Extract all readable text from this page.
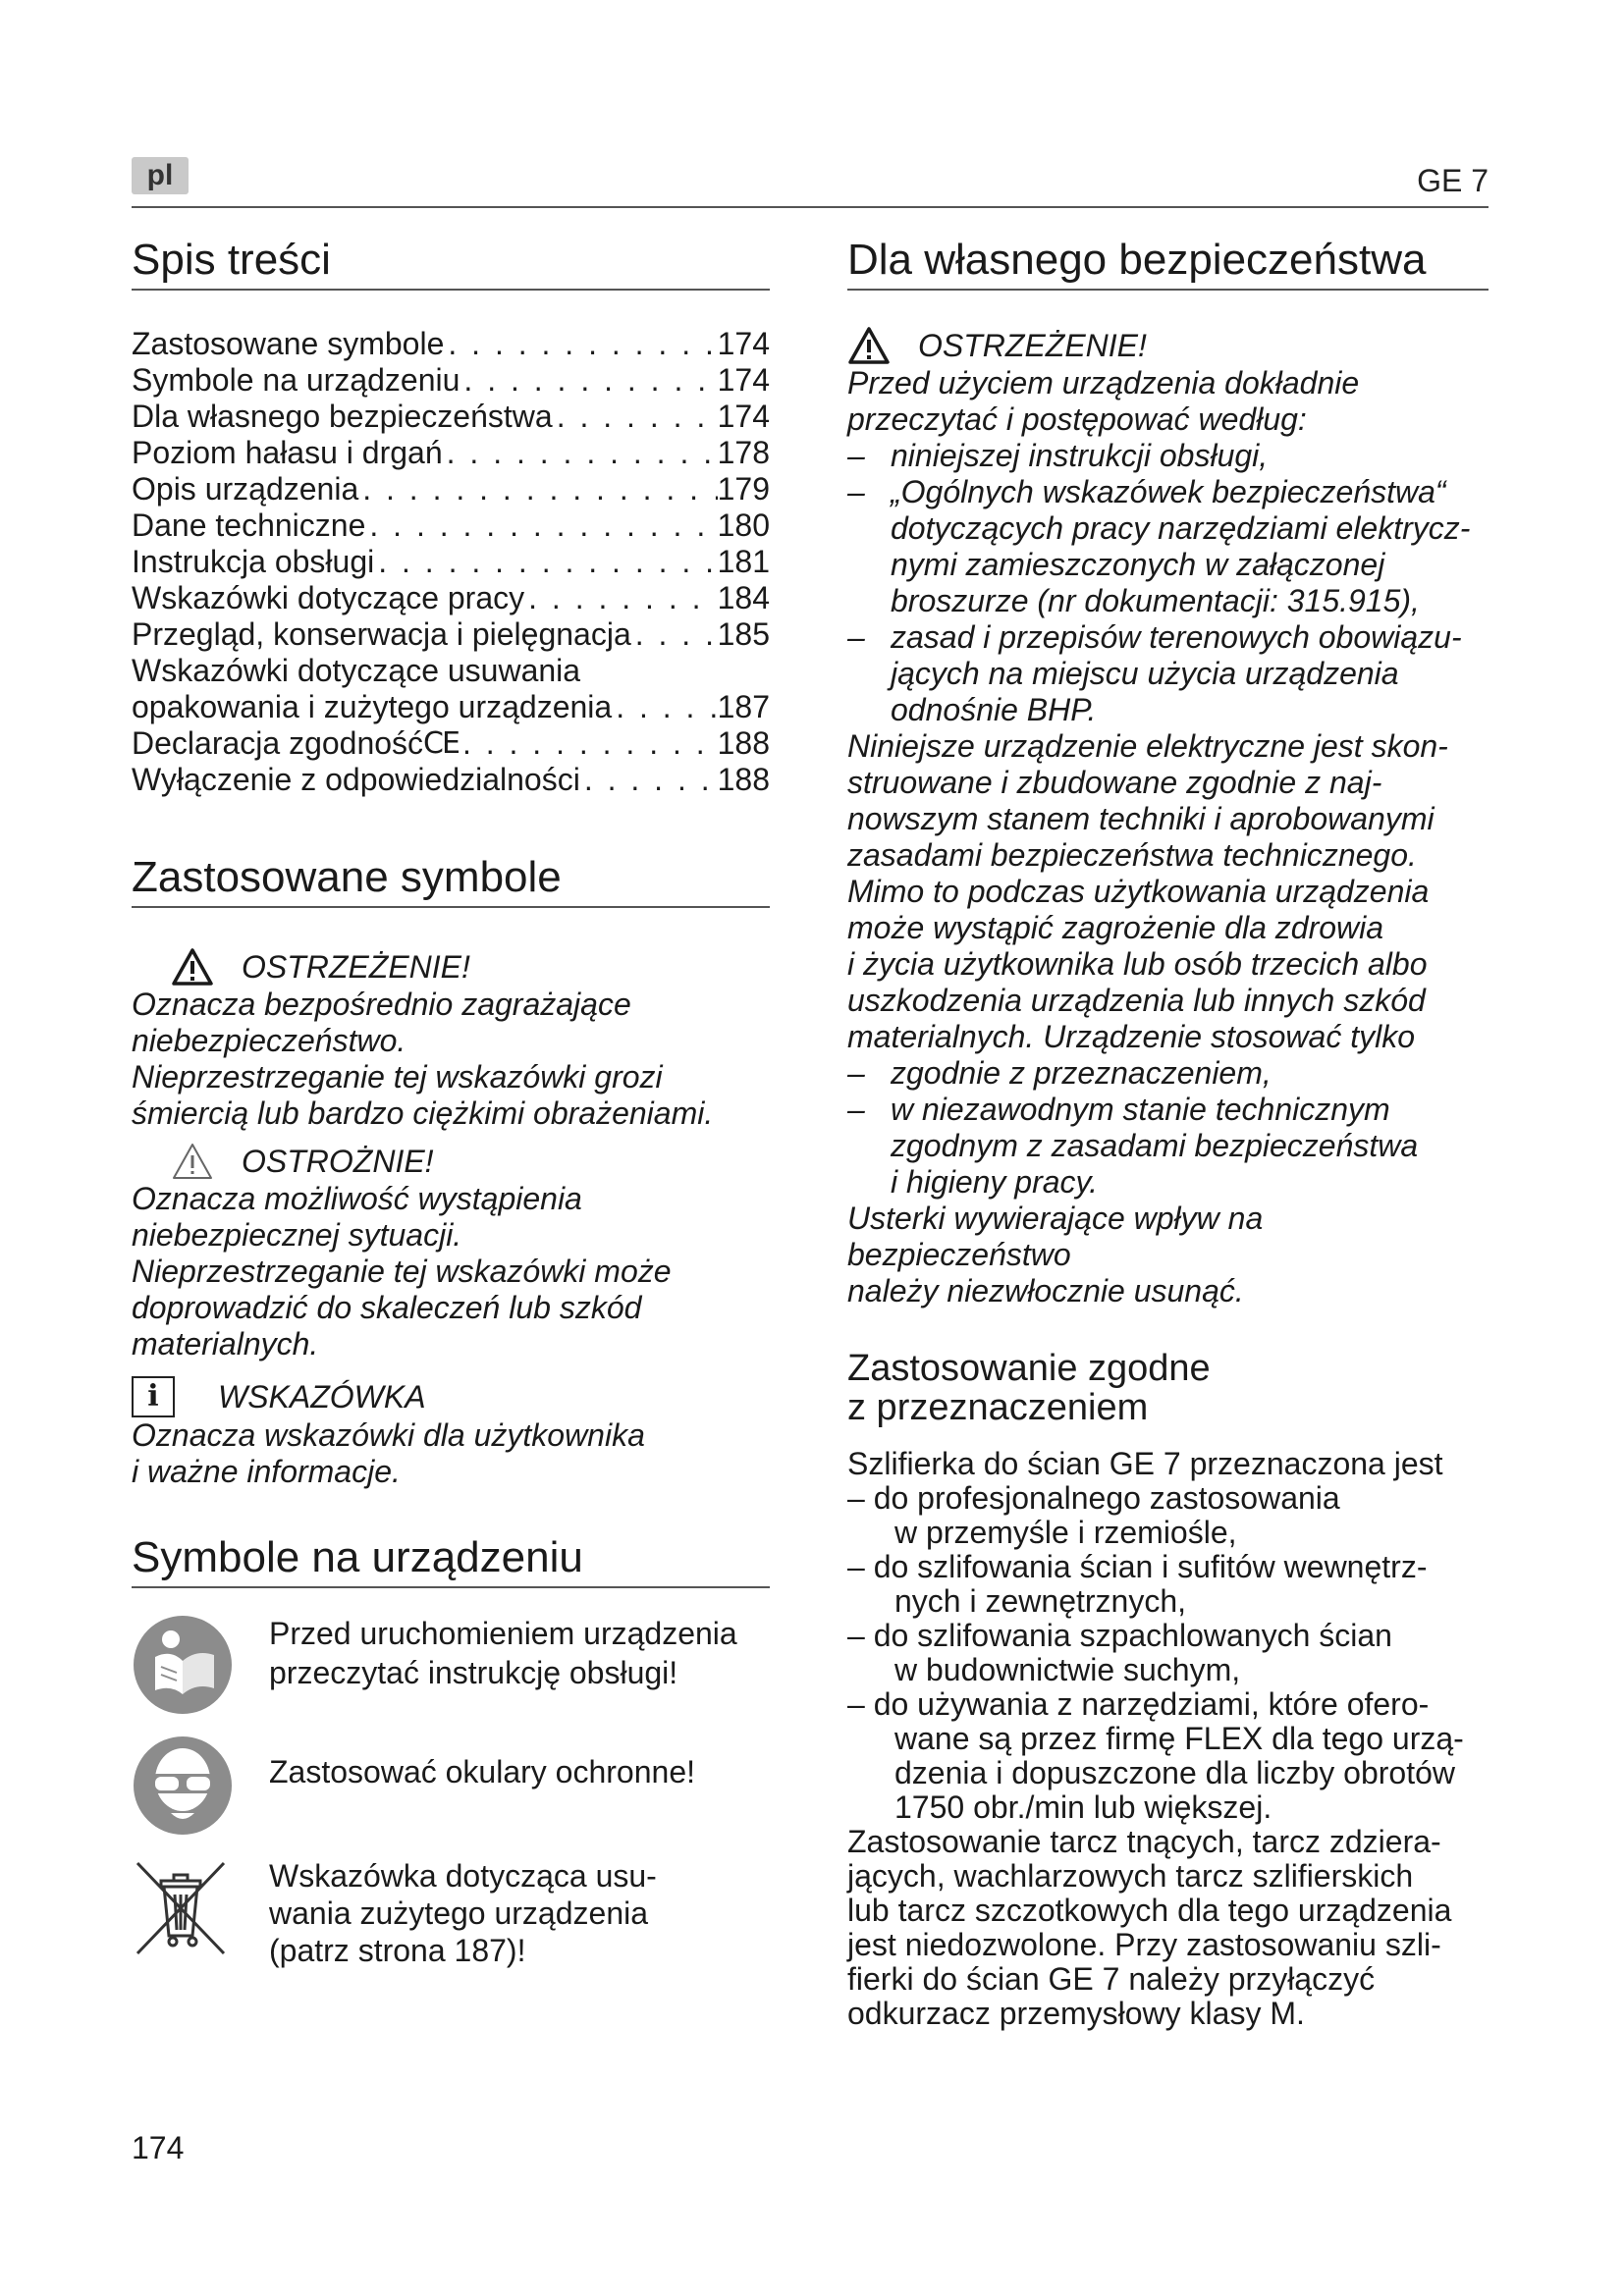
pl	GE 7
Spis treści
Zastosowane symbole . . .	174
Symbole na urządzeniu . . .	174
Dla własnego bezpieczeństwa . . .	174
Poziom hałasu i drgań . . .	178
Opis urządzenia . . .	179
Dane techniczne . . .	180
Instrukcja obsługi . . .	181
Wskazówki dotyczące pracy . . .	184
Przegląd, konserwacja i pielęgnacja . . .	185
Wskazówki dotyczące usuwania
opakowania i zużytego urządzenia . . .	187
Declaracja zgodność CE . . .	188
Wyłączenie z odpowiedzialności . . .	188
Zastosowane symbole
OSTRZEŻENIE!
Oznacza bezpośrednio zagrażające
niebezpieczeństwo.
Nieprzestrzeganie tej wskazówki grozi
śmiercią lub bardzo ciężkimi obrażeniami.
OSTROŻNIE!
Oznacza możliwość wystąpienia
niebezpiecznej sytuacji.
Nieprzestrzeganie tej wskazówki może
doprowadzić do skaleczeń lub szkód
materialnych.
i	WSKAZÓWKA
Oznacza wskazówki dla użytkownika
i ważne informacje.
Symbole na urządzeniu
Przed uruchomieniem urządzenia
przeczytać instrukcję obsługi!
Zastosować okulary ochronne!
Wskazówka dotycząca usu-
wania zużytego urządzenia
(patrz strona 187)!
Dla własnego bezpieczeństwa
OSTRZEŻENIE!
Przed użyciem urządzenia dokładnie
przeczytać i postępować według:
– niniejszej instrukcji obsługi,
– „Ogólnych wskazówek bezpieczeństwa“
dotyczących pracy narzędziami elektrycz-
nymi zamieszczonych w załączonej
broszurze (nr dokumentacji: 315.915),
– zasad i przepisów terenowych obowiązu-
jących na miejscu użycia urządzenia
odnośnie BHP.
Niniejsze urządzenie elektryczne jest skon-
struowane i zbudowane zgodnie z naj-
nowszym stanem techniki i aprobowanymi
zasadami bezpieczeństwa technicznego.
Mimo to podczas użytkowania urządzenia
może wystąpić zagrożenie dla zdrowia
i życia użytkownika lub osób trzecich albo
uszkodzenia urządzenia lub innych szkód
materialnych. Urządzenie stosować tylko
– zgodnie z przeznaczeniem,
– w niezawodnym stanie technicznym
zgodnym z zasadami bezpieczeństwa
i higieny pracy.
Usterki wywierające wpływ na bezpieczeństwo
należy niezwłocznie usunąć.
Zastosowanie zgodne
z przeznaczeniem
Szlifierka do ścian GE 7 przeznaczona jest
– do profesjonalnego zastosowania
w przemyśle i rzemiośle,
– do szlifowania ścian i sufitów wewnętrz-
nych i zewnętrznych,
– do szlifowania szpachlowanych ścian
w budownictwie suchym,
– do używania z narzędziami, które ofero-
wane są przez firmę FLEX dla tego urzą-
dzenia i dopuszczone dla liczby obrotów
1750 obr./min lub większej.
Zastosowanie tarcz tnących, tarcz zdziera-
jących, wachlarzowych tarcz szlifierskich
lub tarcz szczotkowych dla tego urządzenia
jest niedozwolone. Przy zastosowaniu szli-
fierki do ścian GE 7 należy przyłączyć
odkurzacz przemysłowy klasy M.
174
